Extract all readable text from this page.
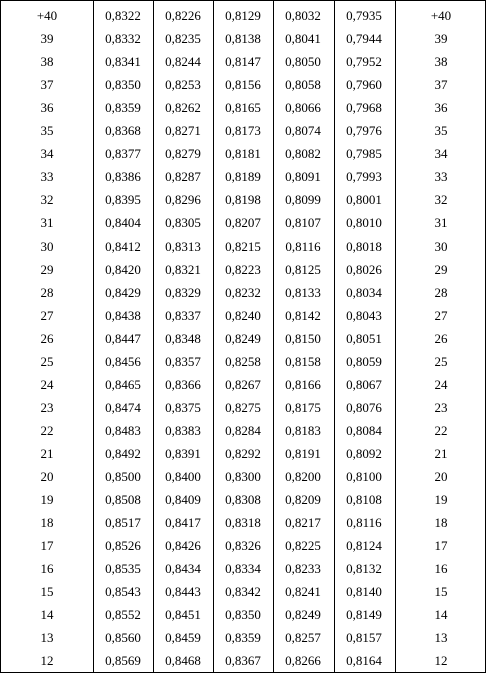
+40	0,8322	0,8226	0,8129	0,8032	0,7935	+40
39	0,8332	0,8235	0,8138	0,8041	0,7944	39
38	0,8341	0,8244	0,8147	0,8050	0,7952	38
37	0,8350	0,8253	0,8156	0,8058	0,7960	37
36	0,8359	0,8262	0,8165	0,8066	0,7968	36
35	0,8368	0,8271	0,8173	0,8074	0,7976	35
34	0,8377	0,8279	0,8181	0,8082	0,7985	34
33	0,8386	0,8287	0,8189	0,8091	0,7993	33
32	0,8395	0,8296	0,8198	0,8099	0,8001	32
31	0,8404	0,8305	0,8207	0,8107	0,8010	31
30	0,8412	0,8313	0,8215	0,8116	0,8018	30
29	0,8420	0,8321	0,8223	0,8125	0,8026	29
28	0,8429	0,8329	0,8232	0,8133	0,8034	28
27	0,8438	0,8337	0,8240	0,8142	0,8043	27
26	0,8447	0,8348	0,8249	0,8150	0,8051	26
25	0,8456	0,8357	0,8258	0,8158	0,8059	25
24	0,8465	0,8366	0,8267	0,8166	0,8067	24
23	0,8474	0,8375	0,8275	0,8175	0,8076	23
22	0,8483	0,8383	0,8284	0,8183	0,8084	22
21	0,8492	0,8391	0,8292	0,8191	0,8092	21
20	0,8500	0,8400	0,8300	0,8200	0,8100	20
19	0,8508	0,8409	0,8308	0,8209	0,8108	19
18	0,8517	0,8417	0,8318	0,8217	0,8116	18
17	0,8526	0,8426	0,8326	0,8225	0,8124	17
16	0,8535	0,8434	0,8334	0,8233	0,8132	16
15	0,8543	0,8443	0,8342	0,8241	0,8140	15
14	0,8552	0,8451	0,8350	0,8249	0,8149	14
13	0,8560	0,8459	0,8359	0,8257	0,8157	13
12	0,8569	0,8468	0,8367	0,8266	0,8164	12
